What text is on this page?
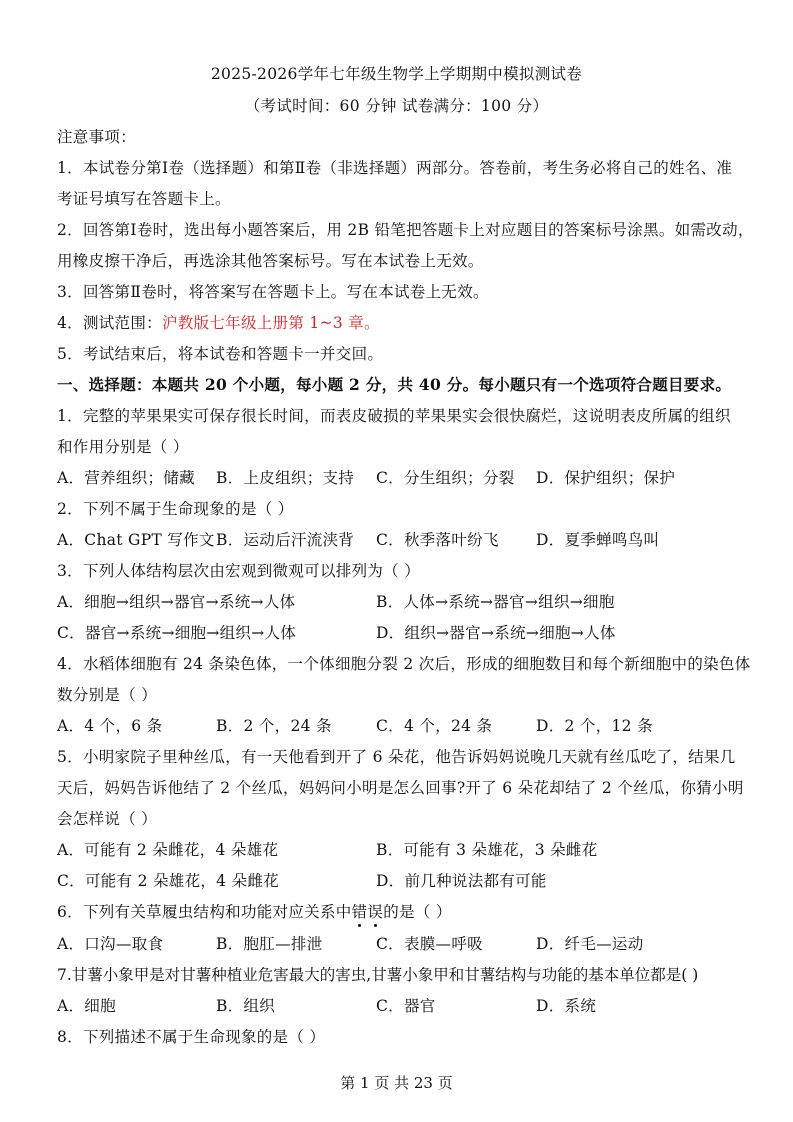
2025-2026学年七年级生物学上学期期中模拟测试卷
（考试时间：60 分钟 试卷满分：100 分）
注意事项：
1．本试卷分第Ⅰ卷（选择题）和第Ⅱ卷（非选择题）两部分。答卷前，考生务必将自己的姓名、准
考证号填写在答题卡上。
2．回答第Ⅰ卷时，选出每小题答案后，用 2B 铅笔把答题卡上对应题目的答案标号涂黑。如需改动，
用橡皮擦干净后，再选涂其他答案标号。写在本试卷上无效。
3．回答第Ⅱ卷时，将答案写在答题卡上。写在本试卷上无效。
4．测试范围：沪教版七年级上册第 1~3 章。
5．考试结束后，将本试卷和答题卡一并交回。
一、选择题：本题共 20 个小题，每小题 2 分，共 40 分。每小题只有一个选项符合题目要求。
1．完整的苹果果实可保存很长时间，而表皮破损的苹果果实会很快腐烂，这说明表皮所属的组织
和作用分别是（ ）
A．营养组织；储藏 B．上皮组织；支持 C．分生组织；分裂 D．保护组织；保护
2．下列不属于生命现象的是（ ）
A．Chat GPT 写作文 B．运动后汗流浃背 C．秋季落叶纷飞 D．夏季蝉鸣鸟叫
3．下列人体结构层次由宏观到微观可以排列为（ ）
A．细胞→组织→器官→系统→人体	B．人体→系统→器官→组织→细胞
C．器官→系统→细胞→组织→人体	D．组织→器官→系统→细胞→人体
4．水稻体细胞有 24 条染色体，一个体细胞分裂 2 次后，形成的细胞数目和每个新细胞中的染色体
数分别是（ ）
A．4 个，6 条	B．2 个，24 条	C．4 个，24 条	D．2 个，12 条
5．小明家院子里种丝瓜，有一天他看到开了 6 朵花，他告诉妈妈说晚几天就有丝瓜吃了，结果几
天后，妈妈告诉他结了 2 个丝瓜，妈妈问小明是怎么回事?开了 6 朵花却结了 2 个丝瓜，你猜小明
会怎样说（ ）
A．可能有 2 朵雌花，4 朵雄花	B．可能有 3 朵雄花，3 朵雌花
C．可能有 2 朵雄花，4 朵雌花	D．前几种说法都有可能
6．下列有关草履虫结构和功能对应关系中错误的是（ ）
A．口沟—取食	B．胞肛—排泄	C．表膜—呼吸	D．纤毛—运动
7.甘薯小象甲是对甘薯种植业危害最大的害虫,甘薯小象甲和甘薯结构与功能的基本单位都是( )
A．细胞	B．组织	C．器官	D．系统
8．下列描述不属于生命现象的是（ ）
第 1 页 共 23 页
